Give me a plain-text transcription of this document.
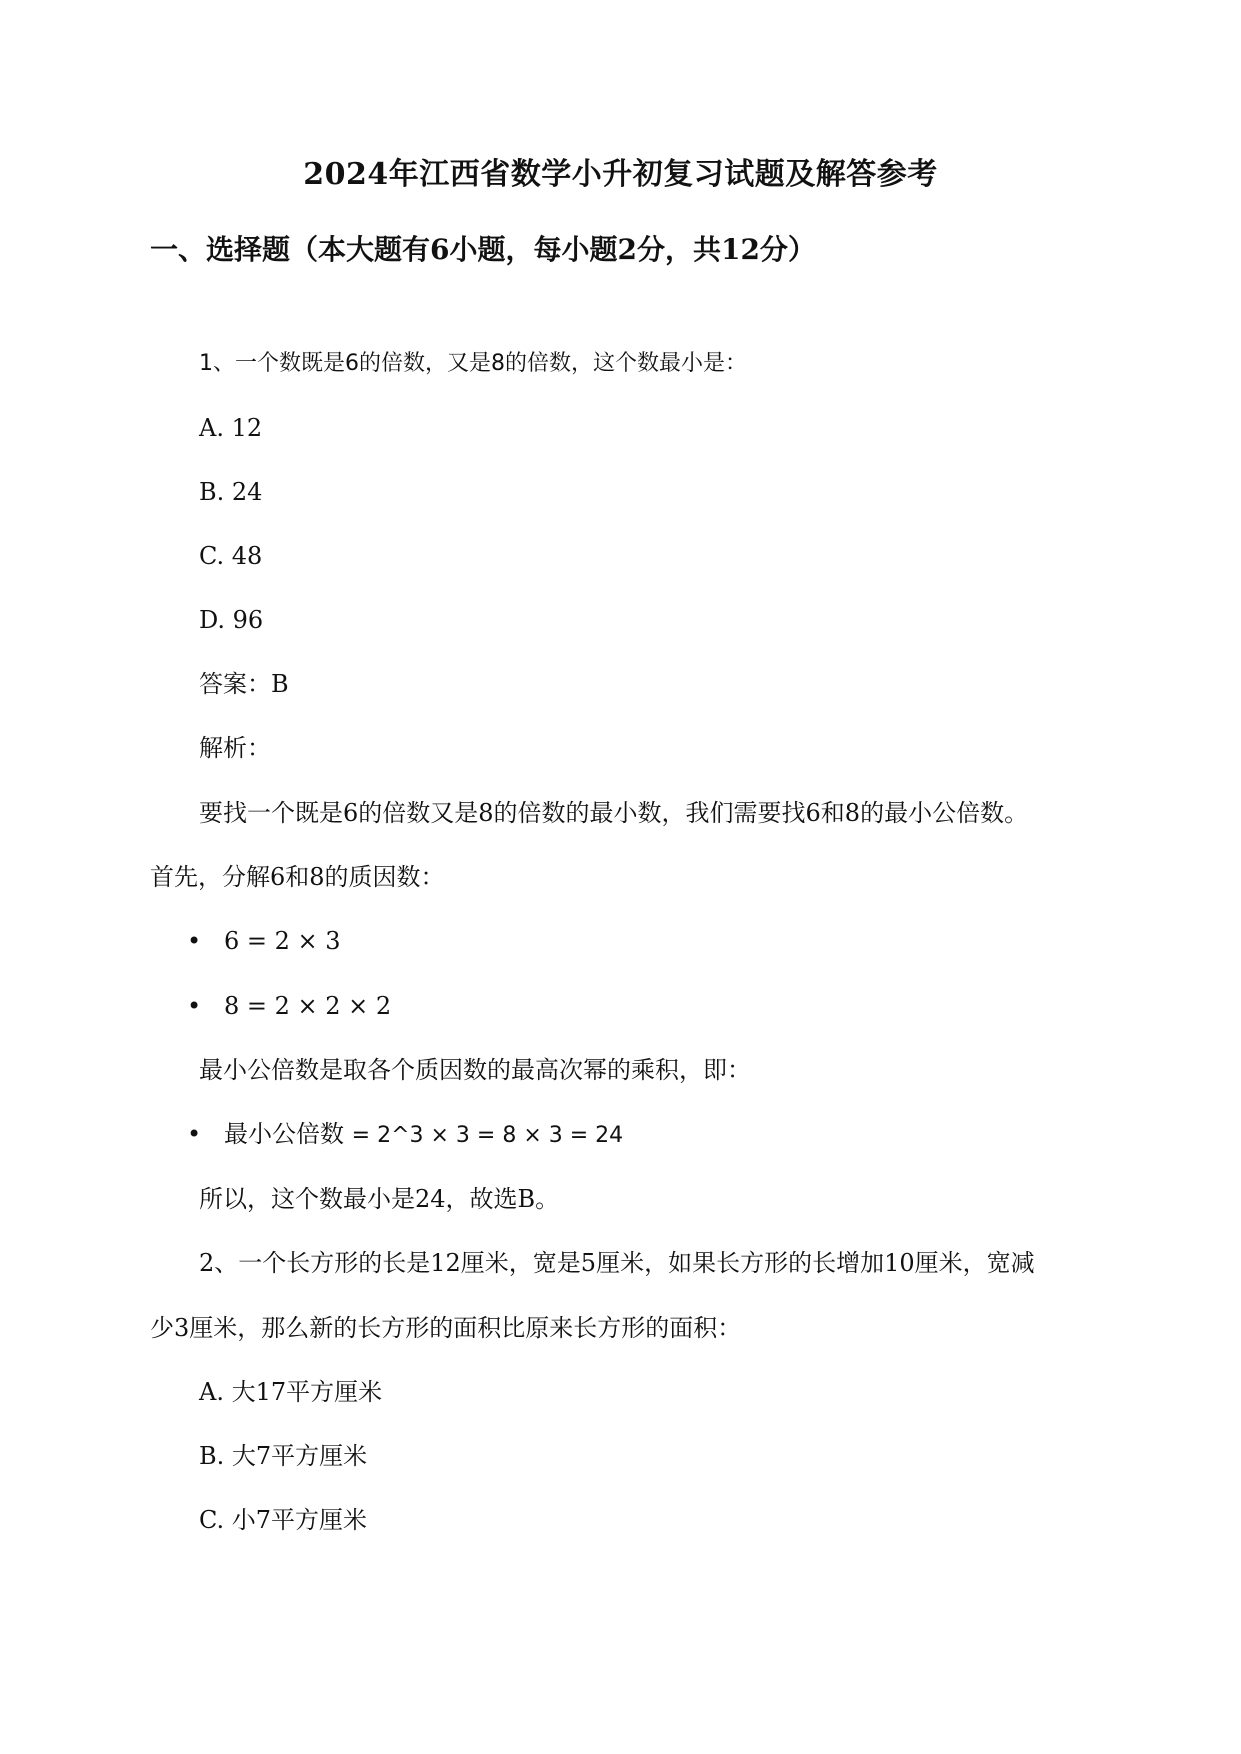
2024年江西省数学小升初复习试题及解答参考
一、选择题（本大题有6小题，每小题2分，共12分）
1、一个数既是6的倍数，又是8的倍数，这个数最小是：
A. 12
B. 24
C. 48
D. 96
答案：B
解析：
要找一个既是6的倍数又是8的倍数的最小数，我们需要找6和8的最小公倍数。
首先，分解6和8的质因数：
• 6 = 2 × 3
• 8 = 2 × 2 × 2
最小公倍数是取各个质因数的最高次幂的乘积，即：
• 最小公倍数 = 2^3 × 3 = 8 × 3 = 24
所以，这个数最小是24，故选B。
2、一个长方形的长是12厘米，宽是5厘米，如果长方形的长增加10厘米，宽减
少3厘米，那么新的长方形的面积比原来长方形的面积：
A. 大17平方厘米
B. 大7平方厘米
C. 小7平方厘米
